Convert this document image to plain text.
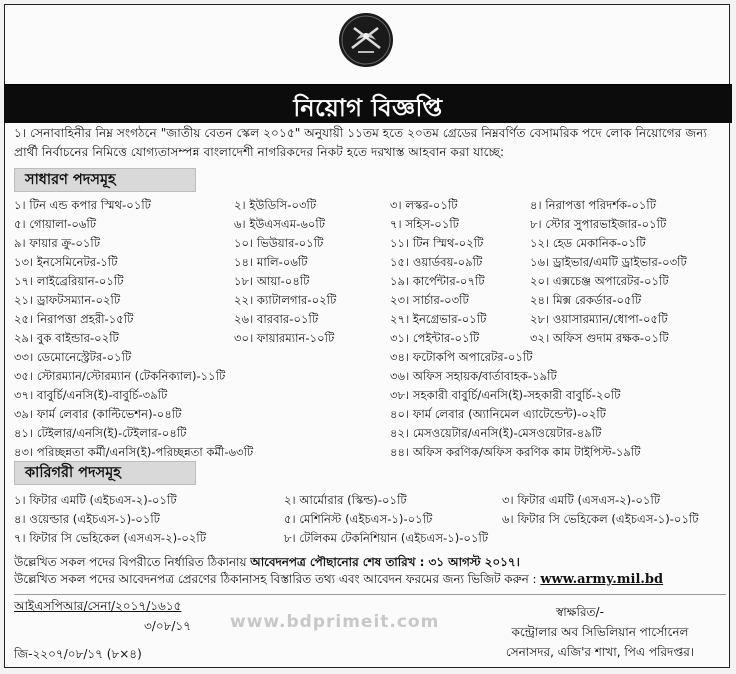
নিয়োগ বিজ্ঞপ্তি
১। সেনাবাহিনীর নিম্ন সংগঠনে "জাতীয় বেতন স্কেল ২০১৫" অনুযায়ী ১১তম হতে ২০তম গ্রেডের নিম্নবর্ণিত বেসামরিক পদে লোক নিয়োগের জন্য প্রার্থী নির্বাচনের নিমিত্তে যোগ্যতাসম্পন্ন বাংলাদেশী নাগরিকদের নিকট হতে দরখাস্ত আহবান করা যাচ্ছে:
সাধারণ পদসমূহ
১। টিন এন্ড কপার স্মিথ-০১টি	২। ইউডিসি-০৩টি	৩। লস্কর-০১টি	৪। নিরাপত্তা পরিদর্শক-০১টি
৫। গোয়ালা-০৬টি	৬। ইউএসএম-৬০টি	৭। সহিস-০১টি	৮। স্টোর সুপারভাইজার-০১টি
৯। ফায়ার ক্রু-০১টি	১০। ভিউয়ার-০১টি	১১। টিন স্মিথ-০২টি	১২। হেড মেকানিক-০১টি
১৩। ইনসেমিনেটর-১টি	১৪। মালি-০৬টি	১৫। ওয়ার্ডবয়-০৯টি	১৬। ড্রাইভার/এমটি ড্রাইভার-০৩টি
১৭। লাইব্রেরিয়ান-০১টি	১৮। আয়া-০৪টি	১৯। কার্পেন্টার-০৭টি	২০। এক্সচেঞ্জ অপারেটর-০১টি
২১। ড্রাফটসম্যান-০২টি	২২। ক্যাটালগার-০২টি	২৩। সার্চার-০৩টি	২৪। মিক্স রেকর্ডার-০৫টি
২৫। নিরাপত্তা প্রহরী-১৫টি	২৬। বারবার-০১টি	২৭। ইনগ্রেভার-০১টি	২৮। ওয়াসারম্যান/ধোপা-০৫টি
২৯। বুক বাইন্ডার-০২টি	৩০। ফায়ারম্যান-১০টি	৩১। পেইন্টার-০১টি	৩২। অফিস গুদাম রক্ষক-০১টি
৩৩। ডেমোনেস্ট্রেটর-০১টি	৩৪। ফটোকপি অপারেটর-০১টি
৩৫। স্টোরম্যান/স্টোরম্যান (টেকনিক্যাল)-১১টি	৩৬। অফিস সহায়ক/বার্তাবাহক-১৯টি
৩৭। বাবুর্চি/এনসি(ই)-বাবুর্চি-৩৯টি	৩৮। সহকারী বাবুর্চি/এনসি(ই)-সহকারী বাবুর্চি-২০টি
৩৯। ফার্ম লেবার (কাল্টিভেশন)-০৪টি	৪০। ফার্ম লেবার (অ্যানিমেল এ্যাটেন্ডেন্ট)-০২টি
৪১। টেইলার/এনসি(ই)-টেইলার-০৪টি	৪২। মেসওয়েটার/এনসি(ই)-মেসওয়েটার-৪৯টি
৪৩। পরিচ্ছন্নতা কর্মী/এনসি(ই)-পরিচ্ছন্নতা কর্মী-৬৩টি	৪৪। অফিস করণিক/অফিস করণিক কাম টাইপিস্ট-১৯টি
কারিগরী পদসমূহ
১। ফিটার এমটি (এইচএস-২)-০১টি	২। আর্মোরার (স্কিল্ড)-০১টি	৩। ফিটার এমটি (এসএস-২)-০১টি
৪। ওয়েল্ডার (এইচএস-১)-০১টি	৫। মেশিনিস্ট (এইচএস-১)-০১টি	৬। ফিটার সি ভেহিকেল (এইচএস-১)-০১টি
৭। ফিটার সি ভেহিকেল (এসএস-২)-০২টি	৮। টেলিকম টেকনিশিয়ান (এইচএস-১)-০১টি
উল্লেখিত সকল পদের বিপরীতে নির্ধারিত ঠিকানায় আবেদনপত্র পৌছানোর শেষ তারিখ : ৩১ আগস্ট ২০১৭।
উল্লেখিত সকল পদের আবেদনপত্র প্রেরণের ঠিকানাসহ বিস্তারিত তথ্য এবং আবেদন ফরমের জন্য ভিজিট করুন : www.army.mil.bd
আইএসপিআর/সেনা/২০১৭/১৬১৫
৩/০৮/১৭ www.bdprimeit.com	স্বাক্ষরিত/-
কন্ট্রোলার অব সিভিলিয়ান পার্সোনেল
সেনাসদর, এজি'র শাখা, পিএ পরিদপ্তর।
জি-২২০৭/০৮/১৭ (৮×৪)
